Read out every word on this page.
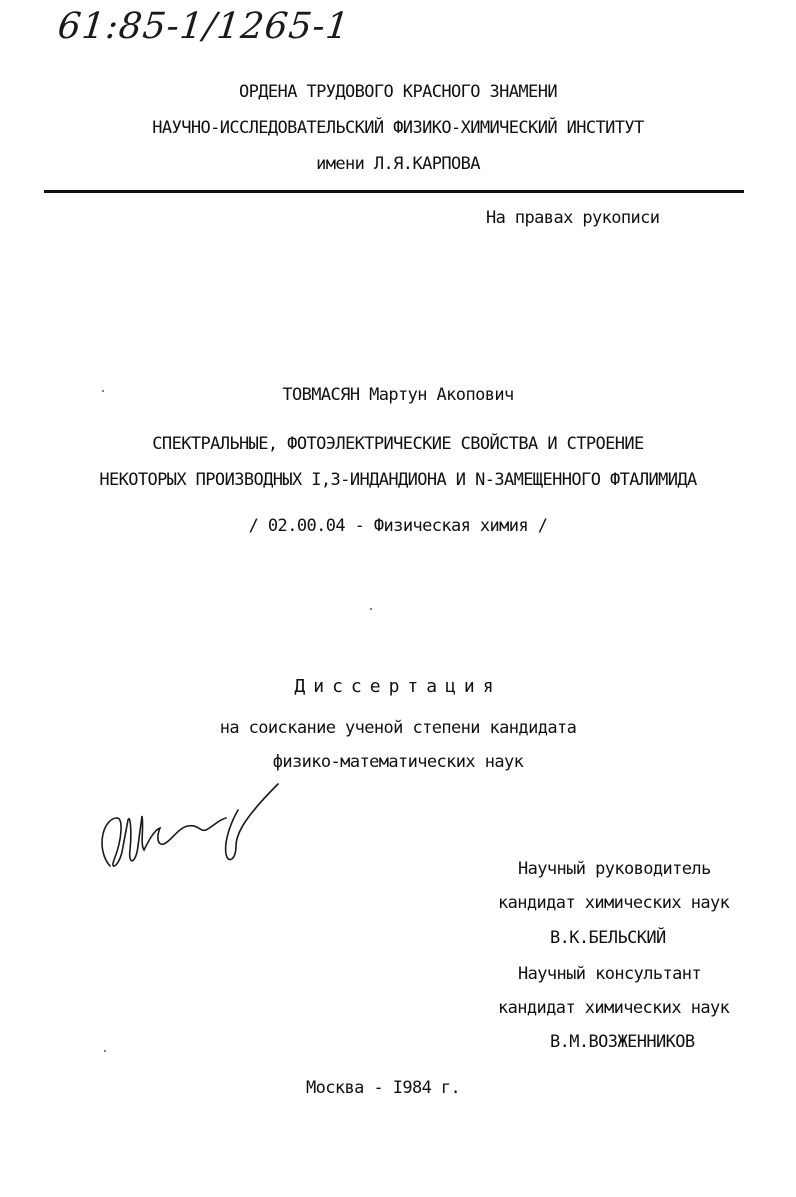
61:85-1/1265-1
ОРДЕНА ТРУДОВОГО КРАСНОГО ЗНАМЕНИ
НАУЧНО-ИССЛЕДОВАТЕЛЬСКИЙ ФИЗИКО-ХИМИЧЕСКИЙ ИНСТИТУТ
имени Л.Я.КАРПОВА
На правах рукописи
ТОВМАСЯН Мартун Акопович
СПЕКТРАЛЬНЫЕ, ФОТОЭЛЕКТРИЧЕСКИЕ СВОЙСТВА И СТРОЕНИЕ
НЕКОТОРЫХ ПРОИЗВОДНЫХ I,3-ИНДАНДИОНА И N-ЗАМЕЩЕННОГО ФТАЛИМИДА
/ 02.00.04 - Физическая химия /
Диссертация
на соискание ученой степени кандидата
физико-математических наук
Научный руководитель
кандидат химических наук
В.К.БЕЛЬСКИЙ
Научный консультант
кандидат химических наук
В.М.ВОЗЖЕННИКОВ
Москва - I984 г.
